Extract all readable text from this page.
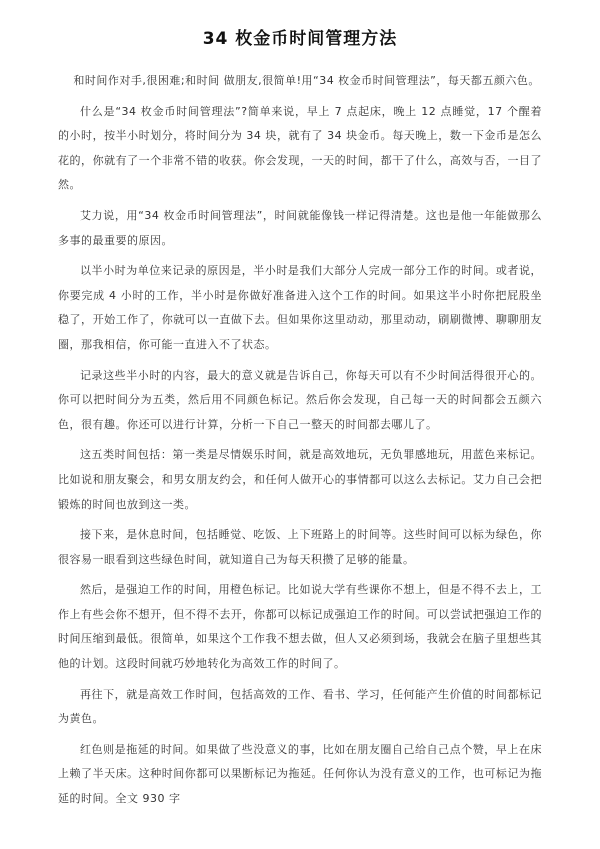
34 枚金币时间管理方法

和时间作对手,很困难;和时间 做朋友,很简单!用“34 枚金币时间管理法”，每天都五颜六色。

什么是“34 枚金币时间管理法”?简单来说，早上 7 点起床，晚上 12 点睡觉，17 个醒着的小时，按半小时划分，将时间分为 34 块，就有了 34 块金币。每天晚上，数一下金币是怎么花的，你就有了一个非常不错的收获。你会发现，一天的时间，都干了什么，高效与否，一目了然。

艾力说，用“34 枚金币时间管理法”，时间就能像钱一样记得清楚。这也是他一年能做那么多事的最重要的原因。

以半小时为单位来记录的原因是，半小时是我们大部分人完成一部分工作的时间。或者说，你要完成 4 小时的工作，半小时是你做好准备进入这个工作的时间。如果这半小时你把屁股坐稳了，开始工作了，你就可以一直做下去。但如果你这里动动，那里动动，刷刷微博、聊聊朋友圈，那我相信，你可能一直进入不了状态。

记录这些半小时的内容，最大的意义就是告诉自己，你每天可以有不少时间活得很开心的。你可以把时间分为五类，然后用不同颜色标记。然后你会发现，自己每一天的时间都会五颜六色，很有趣。你还可以进行计算，分析一下自己一整天的时间都去哪儿了。

这五类时间包括：第一类是尽情娱乐时间，就是高效地玩，无负罪感地玩，用蓝色来标记。比如说和朋友聚会，和男女朋友约会，和任何人做开心的事情都可以这么去标记。艾力自己会把锻炼的时间也放到这一类。

接下来，是休息时间，包括睡觉、吃饭、上下班路上的时间等。这些时间可以标为绿色，你很容易一眼看到这些绿色时间，就知道自己为每天积攒了足够的能量。

然后，是强迫工作的时间，用橙色标记。比如说大学有些课你不想上，但是不得不去上，工作上有些会你不想开，但不得不去开，你都可以标记成强迫工作的时间。可以尝试把强迫工作的时间压缩到最低。很简单，如果这个工作我不想去做，但人又必须到场，我就会在脑子里想些其他的计划。这段时间就巧妙地转化为高效工作的时间了。

再往下，就是高效工作时间，包括高效的工作、看书、学习，任何能产生价值的时间都标记为黄色。

红色则是拖延的时间。如果做了些没意义的事，比如在朋友圈自己给自己点个赞，早上在床上赖了半天床。这种时间你都可以果断标记为拖延。任何你认为没有意义的工作，也可标记为拖延的时间。全文 930 字
